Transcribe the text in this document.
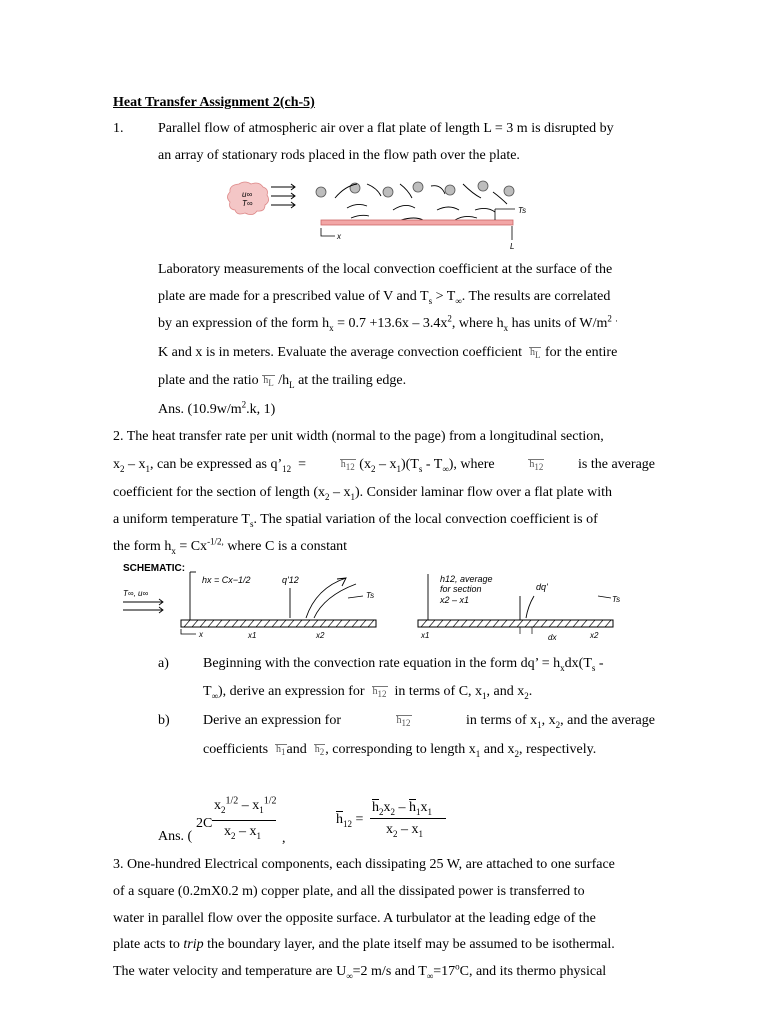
Heat Transfer Assignment 2(ch-5)
1. Parallel flow of atmospheric air over a flat plate of length L = 3 m is disrupted by
an array of stationary rods placed in the flow path over the plate.
u∞
T∞
Ts
x
L
Laboratory measurements of the local convection coefficient at the surface of the
plate are made for a prescribed value of V and $T_s > T_\infty$. The results are correlated
by an expression of the form $h_x = 0.7 +13.6x - 3.4x^2$, where $h_x$ has units of $W/m^2$ .
K and x is in meters. Evaluate the average convection coefficient $h_L$ for the entire
plate and the ratio $h_L$ $/h_L$ at the trailing edge.
Ans. ($10.9w/m^2.k$, 1)
2. The heat transfer rate per unit width (normal to the page) from a longitudinal section,
$x_2 - x_1$, can be expressed as $q’_{12}$  =	$h_{12}$ $(x_2 - x_1)(T_s - T_\infty)$, where	$h_{12}$ is the average
coefficient for the section of length $(x_2 - x_1)$. Consider laminar flow over a flat plate with
a uniform temperature $T_s$. The spatial variation of the local convection coefficient is of
the form $h_x = Cx^{-1/2,}$ where C is a constant
SCHEMATIC:
T∞, u∞
hx = Cx−1/2	q'12
Ts
x	x1	x2
h12, average
for section
x2 – x1
dq'
Ts
x1	dx	x2
a) Beginning with the convection rate equation in the form dq’ = $h_xdx(T_s$ -
$T_\infty$), derive an expression for  $h_{12}$  in terms of C, $x_1$, and $x_2$.
b) Derive an expression for	$h_{12}$	in terms of $x_1$, $x_2$, and the average
coefficients $h_1and$ $h_2$, corresponding to length $x_1$ and $x_2$, respectively.
Ans. (
2C
$x_2^{1/2} - x_1^{1/2}$
$x_2 - x_1$ ,
$\overline{h}_{12}$ =
$\overline{h}_2x_2 - \overline{h}_1x_1$
$x_2 - x_1$
3. One-hundred Electrical components, each dissipating 25 W, are attached to one surface
of a square (0.2mX0.2 m) copper plate, and all the dissipated power is transferred to
water in parallel flow over the opposite surface. A turbulator at the leading edge of the
plate acts to trip the boundary layer, and the plate itself may be assumed to be isothermal.
The water velocity and temperature are $U_\infty=2$ m/s and $T_\infty=17^oC$, and its thermo physical
